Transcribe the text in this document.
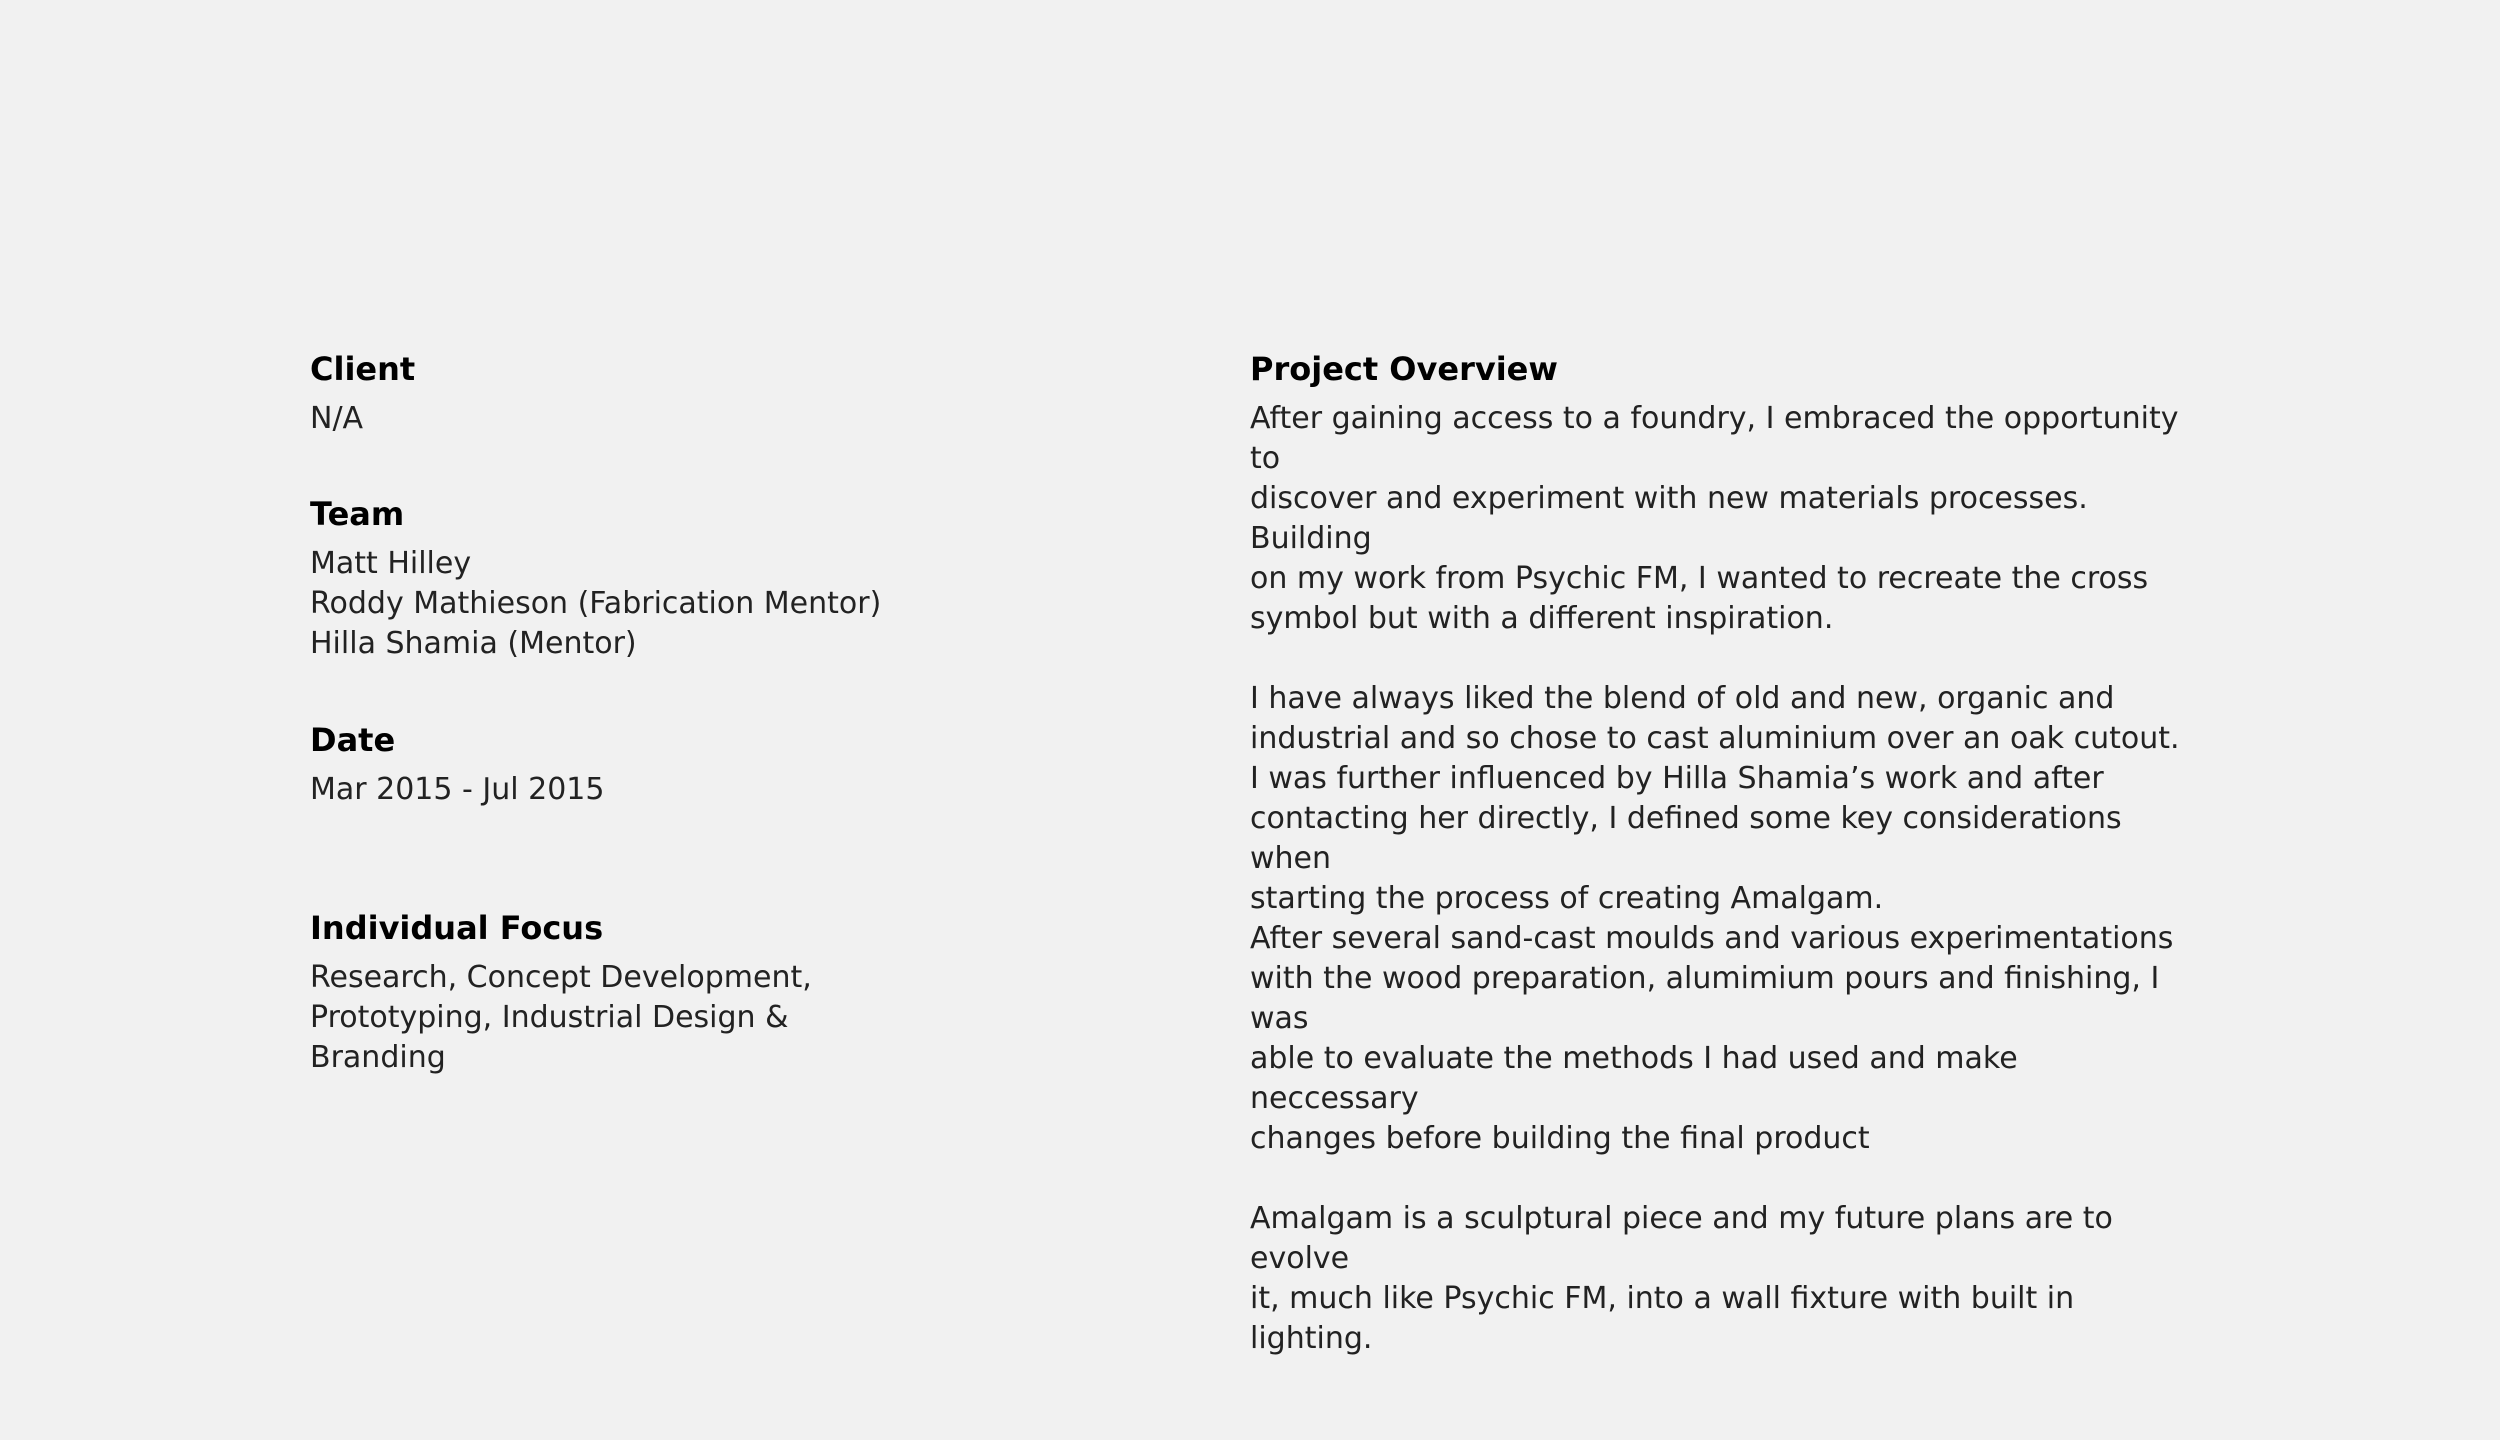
Client

N/A

Team

Matt Hilley
Roddy Mathieson (Fabrication Mentor)
Hilla Shamia (Mentor)

Date

Mar 2015 - Jul 2015

Individual Focus

Research, Concept Development,
Prototyping, Industrial Design &
Branding

Project Overview

After gaining access to a foundry, I embraced the opportunity to
discover and experiment with new materials processes. Building
on my work from Psychic FM, I wanted to recreate the cross
symbol but with a different inspiration.

I have always liked the blend of old and new, organic and
industrial and so chose to cast aluminium over an oak cutout.
I was further influenced by Hilla Shamia’s work and after
contacting her directly, I defined some key considerations when
starting the process of creating Amalgam.
After several sand-cast moulds and various experimentations
with the wood preparation, alumimium pours and finishing, I was
able to evaluate the methods I had used and make neccessary
changes before building the final product

Amalgam is a sculptural piece and my future plans are to evolve
it, much like Psychic FM, into a wall fixture with built in lighting.
